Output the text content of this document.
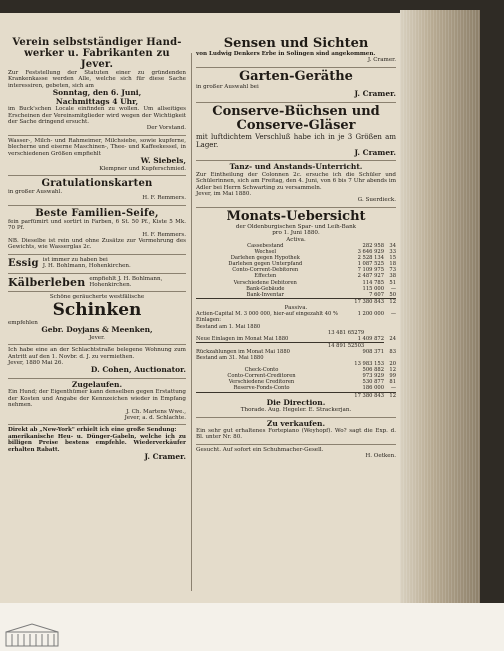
Verein selbstständiger Hand-werker u. Fabrikanten zu Jever.

Zur Feststellung der Statuten einer zu gründenden Krankenkasse werden Alle, welche sich für diese Sache interessiren, gebeten, sich am

Sonntag, den 6. Juni,

Nachmittags 4 Uhr,

im Buck'schen Locale einfinden zu wollen. Um allseitiges Erscheinen der Vereinsmitglieder wird wegen der Wichtigkeit der Sache dringend ersucht.

Der Vorstand.

Wasser-, Milch- und Rahmeimer, Milchsiebe, sowie kupferne, blecherne und eiserne Maschinen-, Thee- und Kaffeekessel, in verschiedenen Größen empfiehlt

W. Siebels,

Klempner und Kupferschmied.

Gratulationskarten

in großer Auswahl.

H. F. Remmers.

Beste Familien-Seife,

fein parfümirt und sortirt in Farben, 6 St. 50 Pf., Kiste 5 Mk. 70 Pf.

H. F. Remmers.

NB. Dieselbe ist rein und ohne Zusätze zur Vermehrung des Gewichts, wie Wasserglas 2c.

Essig ist immer zu haben bei
J. H. Bohlmann, Hohenkirchen.
Kälberleben empfiehlt J. H. Bohlmann,
Hohenkirchen.

Schöne geräucherte westfälische

Schinken

empfehlen

Gebr. Doyjans & Meenken,

Jever.

Ich habe eine an der Schlachtstraße belegene Wohnung zum Antritt auf den 1. Novbr. d. J. zu vermiethen.

Jever, 1880 Mai 26.

D. Cohen, Auctionator.

Zugelaufen.

Ein Hund; der Eigenthümer kann denselben gegen Erstattung der Kosten und Angabe der Kennzeichen wieder in Empfang nehmen.

J. Ch. Martens Wwe.,

Jever, a. d. Schlachte.

Direkt ab „New-York" erhielt ich eine große Sendung:

amerikanische Heu- u. Dünger-Gabeln, welche ich zu billigen Preise bestens empfehle. Wiederverkäufer erhalten Rabatt.

J. Cramer.

Sensen und Sichten

von Ludwig Denkers Erbe in Solingen sind angekommen.

J. Cramer.

Garten-Geräthe

in großer Auswahl bei

J. Cramer.

Conserve-Büchsen und

Conserve-Gläser

mit luftdichtem Verschluß habe ich in je 3 Größen am Lager.

J. Cramer.

Tanz- und Anstands-Unterricht.

Zur Eintheilung der Colonnen 2c. ersuche ich die Schüler und Schülerinnen, sich am Freitag, den 4. Juni, von 6 bis 7 Uhr abends im Adler bei Herrn Schwarting zu versammeln.

Jever, im Mai 1880.

G. Suerdieck.

Monats-Uebersicht

der Oldenburgischen Spar- und Leih-Bank

pro 1. Juni 1880.

Activa.

Cassebestand	282 958	34
Wechsel	3 646 929	33
Darlehen gegen Hypothek	2 528 134	15
Darlehen gegen Unterpfand	1 087 525	18
Conto-Corrent-Debitoren	7 109 975	73
Effecten	2 487 927	38
Verschiedene Debitoren	114 785	51
Bank-Gebäude	115 000	—
Bank-Inventar	7 607	50
	17 380 843	12

Passiva.

Actien-Capital M. 3 000 000, hier-auf eingezahlt 40 %	1 200 000	—
Einlagen:		
Bestand am 1. Mai 1880		
13 481 652	79	
Neue Einlagen im Monat Mai 1880	1 409 872	24
14 891 525	03	
Rückzahlungen im Monat Mai 1880	908 371	83
Bestand am 31. Mai 1880		
	13 983 153	20
Check-Conto	506 882	12
Conto-Corrent-Creditoren	973 929	99
Verschiedene Creditoren	530 877	81
Reserve-Fonds-Conto	186 000	—
	17 380 843	12

Die Direction.

Thorade. Aug. Hegeler. E. Strackerjan.

Zu verkaufen.

Ein sehr gut erhaltenes Fortepiano (Weyhopf). Wo? sagt die Exp. d. Bl. unter Nr. 80.

Gesucht. Auf sofort ein Schuhmacher-Gesell.

H. Oetken.
